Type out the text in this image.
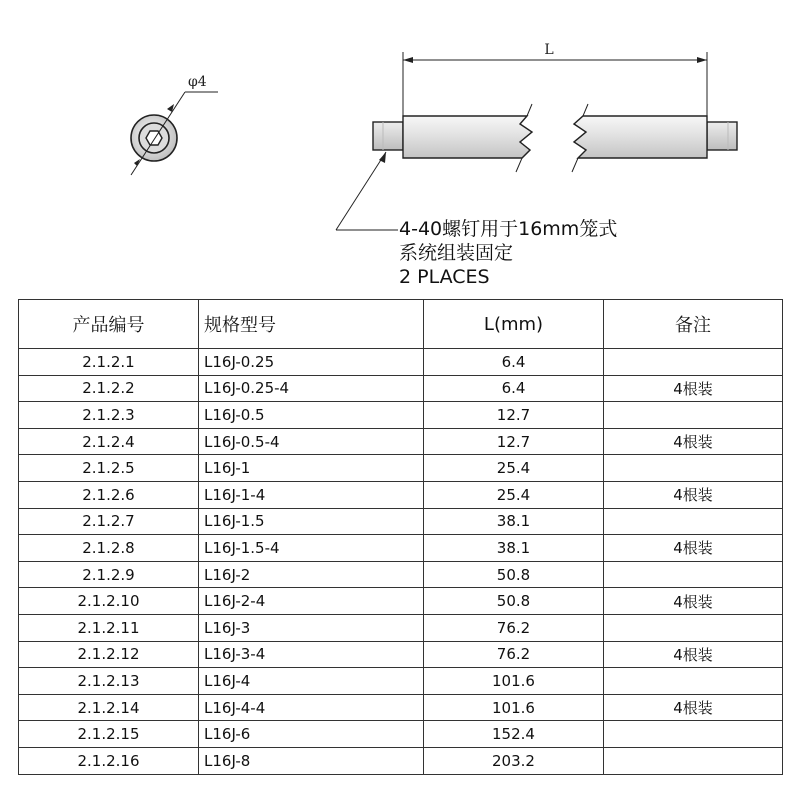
φ4
L
4-40螺钉用于16mm笼式
系统组装固定
2 PLACES
产品编号	规格型号	L(mm)	备注
2.1.2.1	L16J-0.25	6.4	
2.1.2.2	L16J-0.25-4	6.4	4根装
2.1.2.3	L16J-0.5	12.7	
2.1.2.4	L16J-0.5-4	12.7	4根装
2.1.2.5	L16J-1	25.4	
2.1.2.6	L16J-1-4	25.4	4根装
2.1.2.7	L16J-1.5	38.1	
2.1.2.8	L16J-1.5-4	38.1	4根装
2.1.2.9	L16J-2	50.8	
2.1.2.10	L16J-2-4	50.8	4根装
2.1.2.11	L16J-3	76.2	
2.1.2.12	L16J-3-4	76.2	4根装
2.1.2.13	L16J-4	101.6	
2.1.2.14	L16J-4-4	101.6	4根装
2.1.2.15	L16J-6	152.4	
2.1.2.16	L16J-8	203.2	
